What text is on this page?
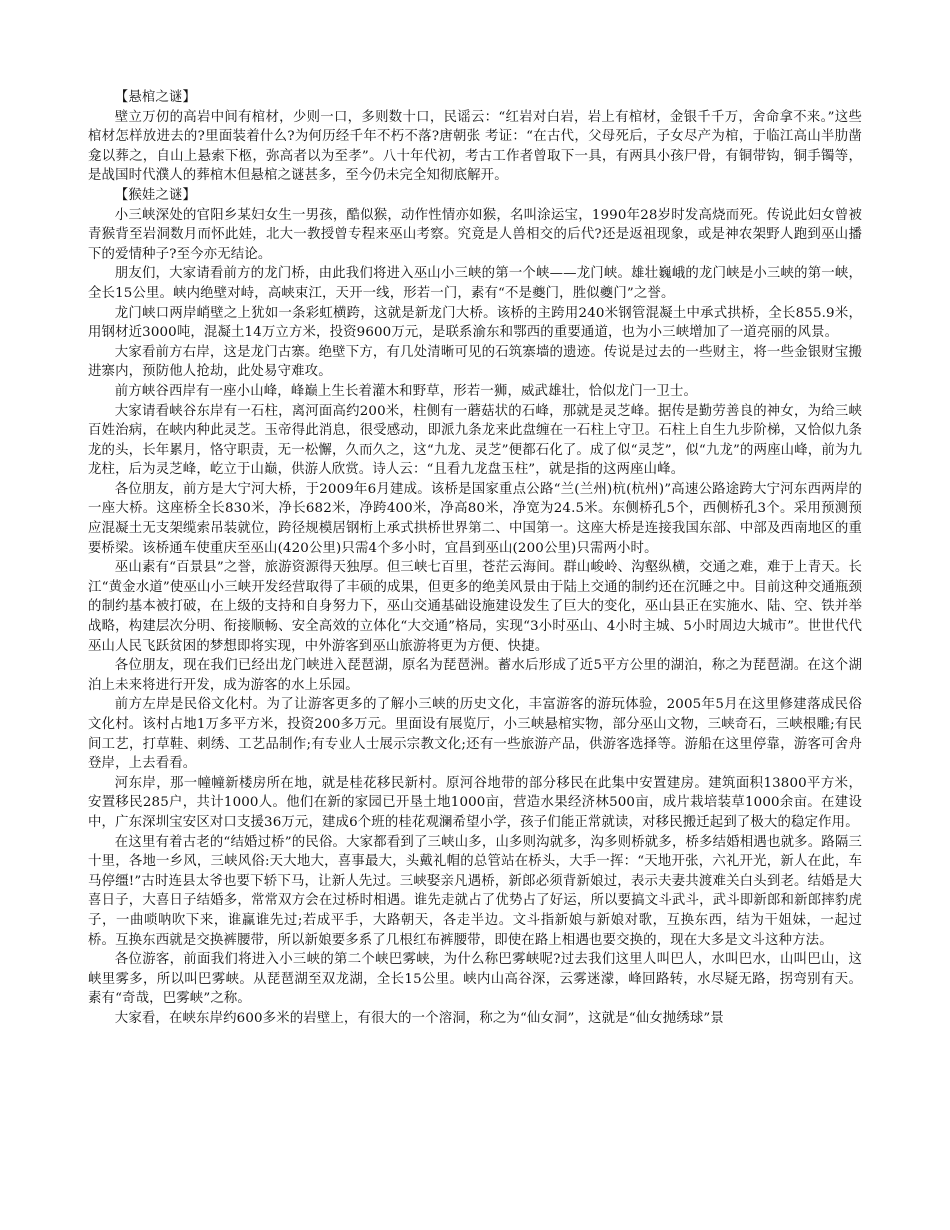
【悬棺之谜】

壁立万仞的高岩中间有棺材，少则一口，多则数十口，民谣云：“红岩对白岩，岩上有棺材，金银千千万，舍命拿不来。”这些棺材怎样放进去的?里面装着什么?为何历经千年不朽不落?唐朝张 考证：“在古代，父母死后，子女尽产为棺，于临江高山半肋凿龛以葬之，自山上悬索下柩，弥高者以为至孝”。八十年代初，考古工作者曾取下一具，有两具小孩尸骨，有铜带钩，铜手镯等，是战国时代濮人的葬棺木但悬棺之谜甚多，至今仍未完全知彻底解开。

【猴娃之谜】

小三峡深处的官阳乡某妇女生一男孩，酷似猴，动作性情亦如猴，名叫涂运宝，1990年28岁时发高烧而死。传说此妇女曾被青猴背至岩洞数月而怀此娃，北大一教授曾专程来巫山考察。究竟是人兽相交的后代?还是返祖现象，或是神农架野人跑到巫山播下的爱情种子?至今亦无结论。

朋友们，大家请看前方的龙门桥，由此我们将进入巫山小三峡的第一个峡——龙门峡。雄壮巍峨的龙门峡是小三峡的第一峡，全长15公里。峡内绝壁对峙，高峡束江，天开一线，形若一门，素有“不是夔门，胜似夔门”之誉。

龙门峡口两岸峭壁之上犹如一条彩虹横跨，这就是新龙门大桥。该桥的主跨用240米钢管混凝土中承式拱桥，全长855.9米，用钢材近3000吨，混凝土14万立方米，投资9600万元，是联系渝东和鄂西的重要通道，也为小三峡增加了一道亮丽的风景。

大家看前方右岸，这是龙门古寨。绝壁下方，有几处清晰可见的石筑寨墙的遗迹。传说是过去的一些财主，将一些金银财宝搬进寨内，预防他人抢劫，此处易守难攻。

前方峡谷西岸有一座小山峰，峰巅上生长着灌木和野草，形若一狮，威武雄壮，恰似龙门一卫士。

大家请看峡谷东岸有一石柱，离河面高约200米，柱侧有一蘑菇状的石峰，那就是灵芝峰。据传是勤劳善良的神女，为给三峡百姓治病，在峡内种此灵芝。玉帝得此消息，很受感动，即派九条龙来此盘缠在一石柱上守卫。石柱上自生九步阶梯，又恰似九条龙的头，长年累月，恪守职责，无一松懈，久而久之，这“九龙、灵芝”便都石化了。成了似“灵芝”，似“九龙”的两座山峰，前为九龙柱，后为灵芝峰，屹立于山巅，供游人欣赏。诗人云：“且看九龙盘玉柱”，就是指的这两座山峰。

各位朋友，前方是大宁河大桥，于2009年6月建成。该桥是国家重点公路“兰(兰州)杭(杭州)”高速公路途跨大宁河东西两岸的一座大桥。这座桥全长830米，净长682米，净跨400米，净高80米，净宽为24.5米。东侧桥孔5个，西侧桥孔3个。采用预测预应混凝土无支架缆索吊装就位，跨径规模居钢桁上承式拱桥世界第二、中国第一。这座大桥是连接我国东部、中部及西南地区的重要桥梁。该桥通车使重庆至巫山(420公里)只需4个多小时，宜昌到巫山(200公里)只需两小时。

巫山素有“百景县”之誉，旅游资源得天独厚。但三峡七百里，苍茫云海间。群山峻岭、沟壑纵横，交通之难，难于上青天。长江“黄金水道”使巫山小三峡开发经营取得了丰硕的成果，但更多的绝美风景由于陆上交通的制约还在沉睡之中。目前这种交通瓶颈的制约基本被打破，在上级的支持和自身努力下，巫山交通基础设施建设发生了巨大的变化，巫山县正在实施水、陆、空、铁并举战略，构建层次分明、衔接顺畅、安全高效的立体化“大交通”格局，实现“3小时巫山、4小时主城、5小时周边大城市”。世世代代巫山人民飞跃贫困的梦想即将实现，中外游客到巫山旅游将更为方便、快捷。

各位朋友，现在我们已经出龙门峡进入琵琶湖，原名为琵琶洲。蓄水后形成了近5平方公里的湖泊，称之为琵琶湖。在这个湖泊上未来将进行开发，成为游客的水上乐园。

前方左岸是民俗文化村。为了让游客更多的了解小三峡的历史文化，丰富游客的游玩体验，2005年5月在这里修建落成民俗文化村。该村占地1万多平方米，投资200多万元。里面设有展览厅，小三峡悬棺实物，部分巫山文物，三峡奇石，三峡根雕;有民间工艺，打草鞋、刺绣、工艺品制作;有专业人士展示宗教文化;还有一些旅游产品，供游客选择等。游船在这里停靠，游客可舍舟登岸，上去看看。

河东岸，那一幢幢新楼房所在地，就是桂花移民新村。原河谷地带的部分移民在此集中安置建房。建筑面积13800平方米，安置移民285户，共计1000人。他们在新的家园已开垦土地1000亩，营造水果经济林500亩，成片栽培装草1000余亩。在建设中，广东深圳宝安区对口支援36万元，建成6个班的桂花观澜希望小学，孩子们能正常就读，对移民搬迁起到了极大的稳定作用。

在这里有着古老的“结婚过桥”的民俗。大家都看到了三峡山多，山多则沟就多，沟多则桥就多，桥多结婚相遇也就多。路隔三十里，各地一乡风，三峡风俗:天大地大，喜事最大，头戴礼帽的总管站在桥头，大手一挥：“天地开张，六礼开光，新人在此，车马停缰!”古时连县太爷也要下轿下马，让新人先过。三峡娶亲凡遇桥，新郎必须背新娘过，表示夫妻共渡难关白头到老。结婚是大喜日子，大喜日子结婚多，常常双方会在过桥时相遇。谁先走就占了优势占了好运，所以要搞文斗武斗，武斗即新郎和新郎摔豹虎子，一曲唢呐吹下来，谁赢谁先过;若成平手，大路朝天，各走半边。文斗指新娘与新娘对歌，互换东西，结为干姐妹，一起过桥。互换东西就是交换裤腰带，所以新娘要多系了几根红布裤腰带，即使在路上相遇也要交换的，现在大多是文斗这种方法。

各位游客，前面我们将进入小三峡的第二个峡巴雾峡，为什么称巴雾峡呢?过去我们这里人叫巴人，水叫巴水，山叫巴山，这峡里雾多，所以叫巴雾峡。从琵琶湖至双龙湖，全长15公里。峡内山高谷深，云雾迷濛，峰回路转，水尽疑无路，拐弯别有天。素有“奇哉，巴雾峡”之称。

大家看，在峡东岸约600多米的岩壁上，有很大的一个溶洞，称之为“仙女洞”，这就是“仙女抛绣球”景
